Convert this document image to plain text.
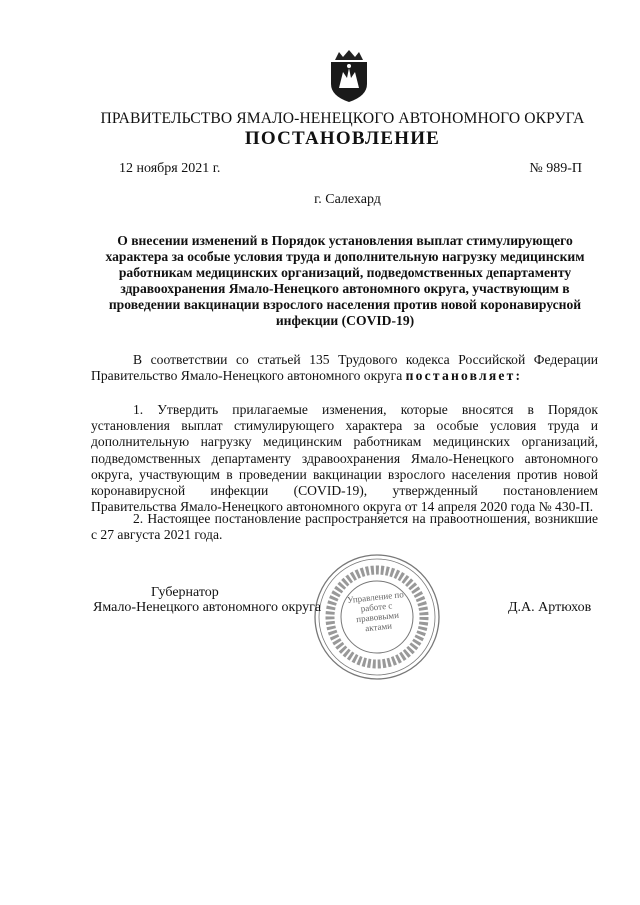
ПРАВИТЕЛЬСТВО ЯМАЛО-НЕНЕЦКОГО АВТОНОМНОГО ОКРУГА
ПОСТАНОВЛЕНИЕ
12 ноября 2021 г.	№ 989-П
г. Салехард
О внесении изменений в Порядок установления выплат стимулирующего характера за особые условия труда и дополнительную нагрузку медицинским работникам медицинских организаций, подведомственных департаменту здравоохранения Ямало-Ненецкого автономного округа, участвующим в проведении вакцинации взрослого населения против новой коронавирусной инфекции (COVID-19)
В соответствии со статьей 135 Трудового кодекса Российской Федерации Правительство Ямало-Ненецкого автономного округа постановляет:
1. Утвердить прилагаемые изменения, которые вносятся в Порядок установления выплат стимулирующего характера за особые условия труда и дополнительную нагрузку медицинским работникам медицинских организаций, подведомственных департаменту здравоохранения Ямало-Ненецкого автономного округа, участвующим в проведении вакцинации взрослого населения против новой коронавирусной инфекции (COVID-19), утвержденный постановлением Правительства Ямало-Ненецкого автономного округа от 14 апреля 2020 года № 430-П.
2. Настоящее постановление распространяется на правоотношения, возникшие с 27 августа 2021 года.
Управление по работе с правовыми актами
Губернатор
Ямало-Ненецкого автономного округа	Д.А. Артюхов
